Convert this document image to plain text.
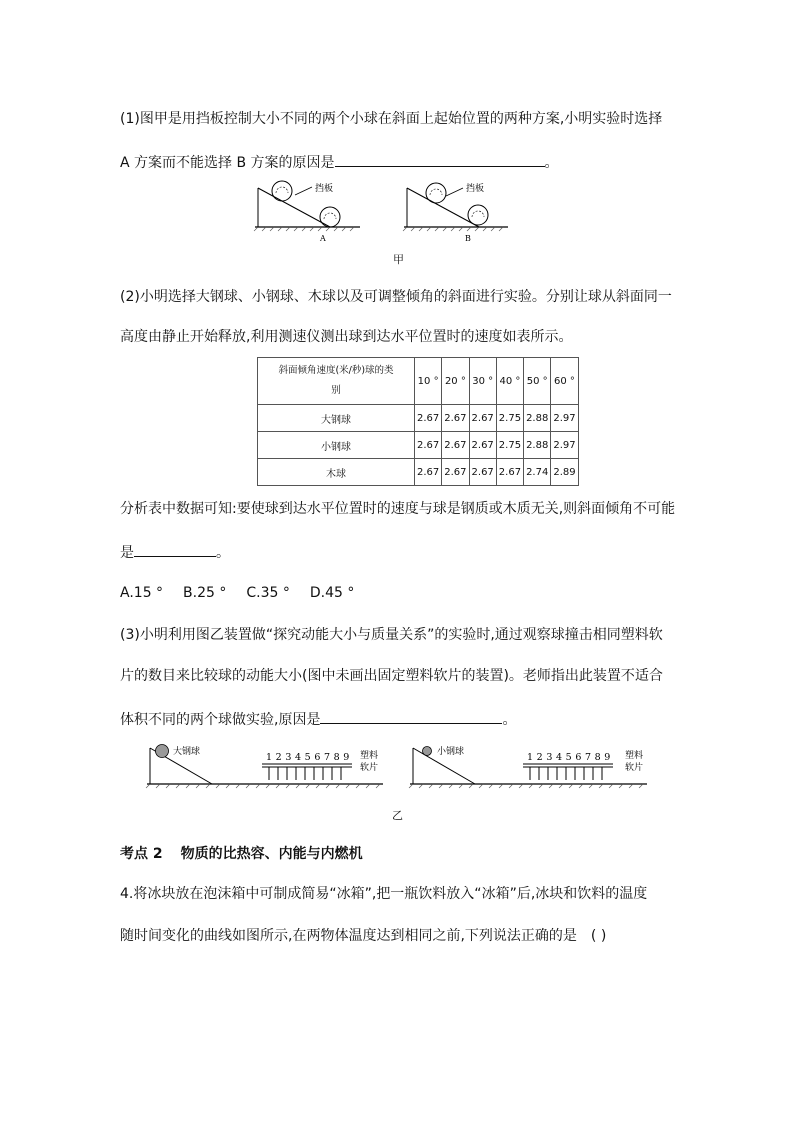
(1)图甲是用挡板控制大小不同的两个小球在斜面上起始位置的两种方案,小明实验时选择
A 方案而不能选择 B 方案的原因是	。
挡板
A
挡板
B
甲
(2)小明选择大钢球、小钢球、木球以及可调整倾角的斜面进行实验。分别让球从斜面同一
高度由静止开始释放,利用测速仪测出球到达水平位置时的速度如表所示。
斜面倾角速度(米/秒)球的类
别	10 °	20 °	30 °	40 °	50 °	60 °
大钢球	2.67	2.67	2.67	2.75	2.88	2.97
小钢球	2.67	2.67	2.67	2.75	2.88	2.97
木球	2.67	2.67	2.67	2.67	2.74	2.89
分析表中数据可知:要使球到达水平位置时的速度与球是钢质或木质无关,则斜面倾角不可能
是	。
A.15 ° B.25 ° C.35 ° D.45 °
(3)小明利用图乙装置做“探究动能大小与质量关系”的实验时,通过观察球撞击相同塑料软
片的数目来比较球的动能大小(图中未画出固定塑料软片的装置)。老师指出此装置不适合
体积不同的两个球做实验,原因是	。
大钢球	1 2 3 4 5 6 7 8 9 塑料
软片
小钢球	1 2 3 4 5 6 7 8 9 塑料
软片
乙
考点 2 物质的比热容、内能与内燃机
4.将冰块放在泡沫箱中可制成简易“冰箱”,把一瓶饮料放入“冰箱”后,冰块和饮料的温度
随时间变化的曲线如图所示,在两物体温度达到相同之前,下列说法正确的是 ( )
